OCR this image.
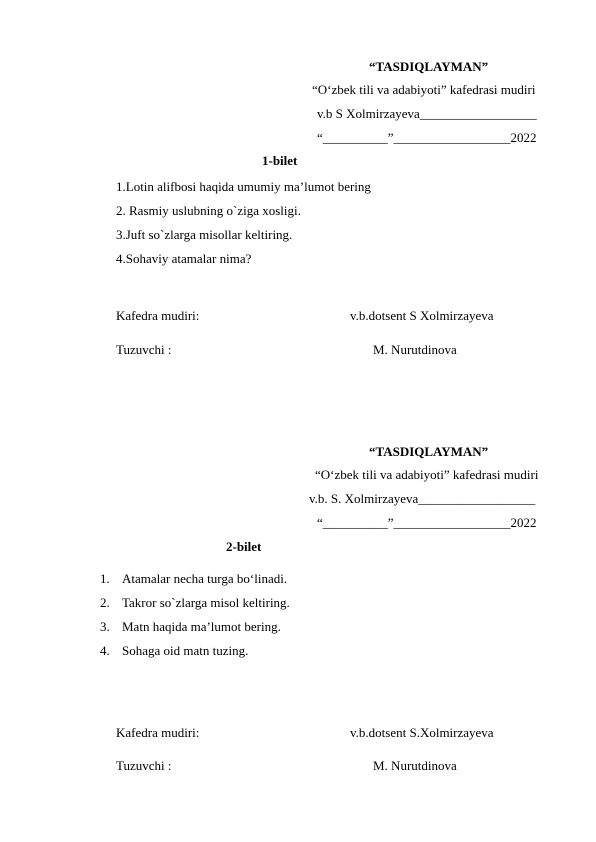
“TASDIQLAYMAN”
“O‘zbek tili va adabiyoti” kafedrasi mudiri
v.b S Xolmirzayeva__________________
“__________”__________________2022
1-bilet
1.Lotin alifbosi haqida umumiy ma’lumot bering
2. Rasmiy uslubning o`ziga xosligi.
3.Juft so`zlarga misollar keltiring.
4.Sohaviy atamalar nima?
Kafedra mudiri:	v.b.dotsent S Xolmirzayeva
Tuzuvchi :	M. Nurutdinova
“TASDIQLAYMAN”
“O‘zbek tili va adabiyoti” kafedrasi mudiri
v.b. S. Xolmirzayeva__________________
“__________”__________________2022
2-bilet
1. Atamalar necha turga bo‘linadi.
2. Takror so`zlarga misol keltiring.
3. Matn haqida ma’lumot bering.
4. Sohaga oid matn tuzing.
Kafedra mudiri:	v.b.dotsent S.Xolmirzayeva
Tuzuvchi :	M. Nurutdinova
